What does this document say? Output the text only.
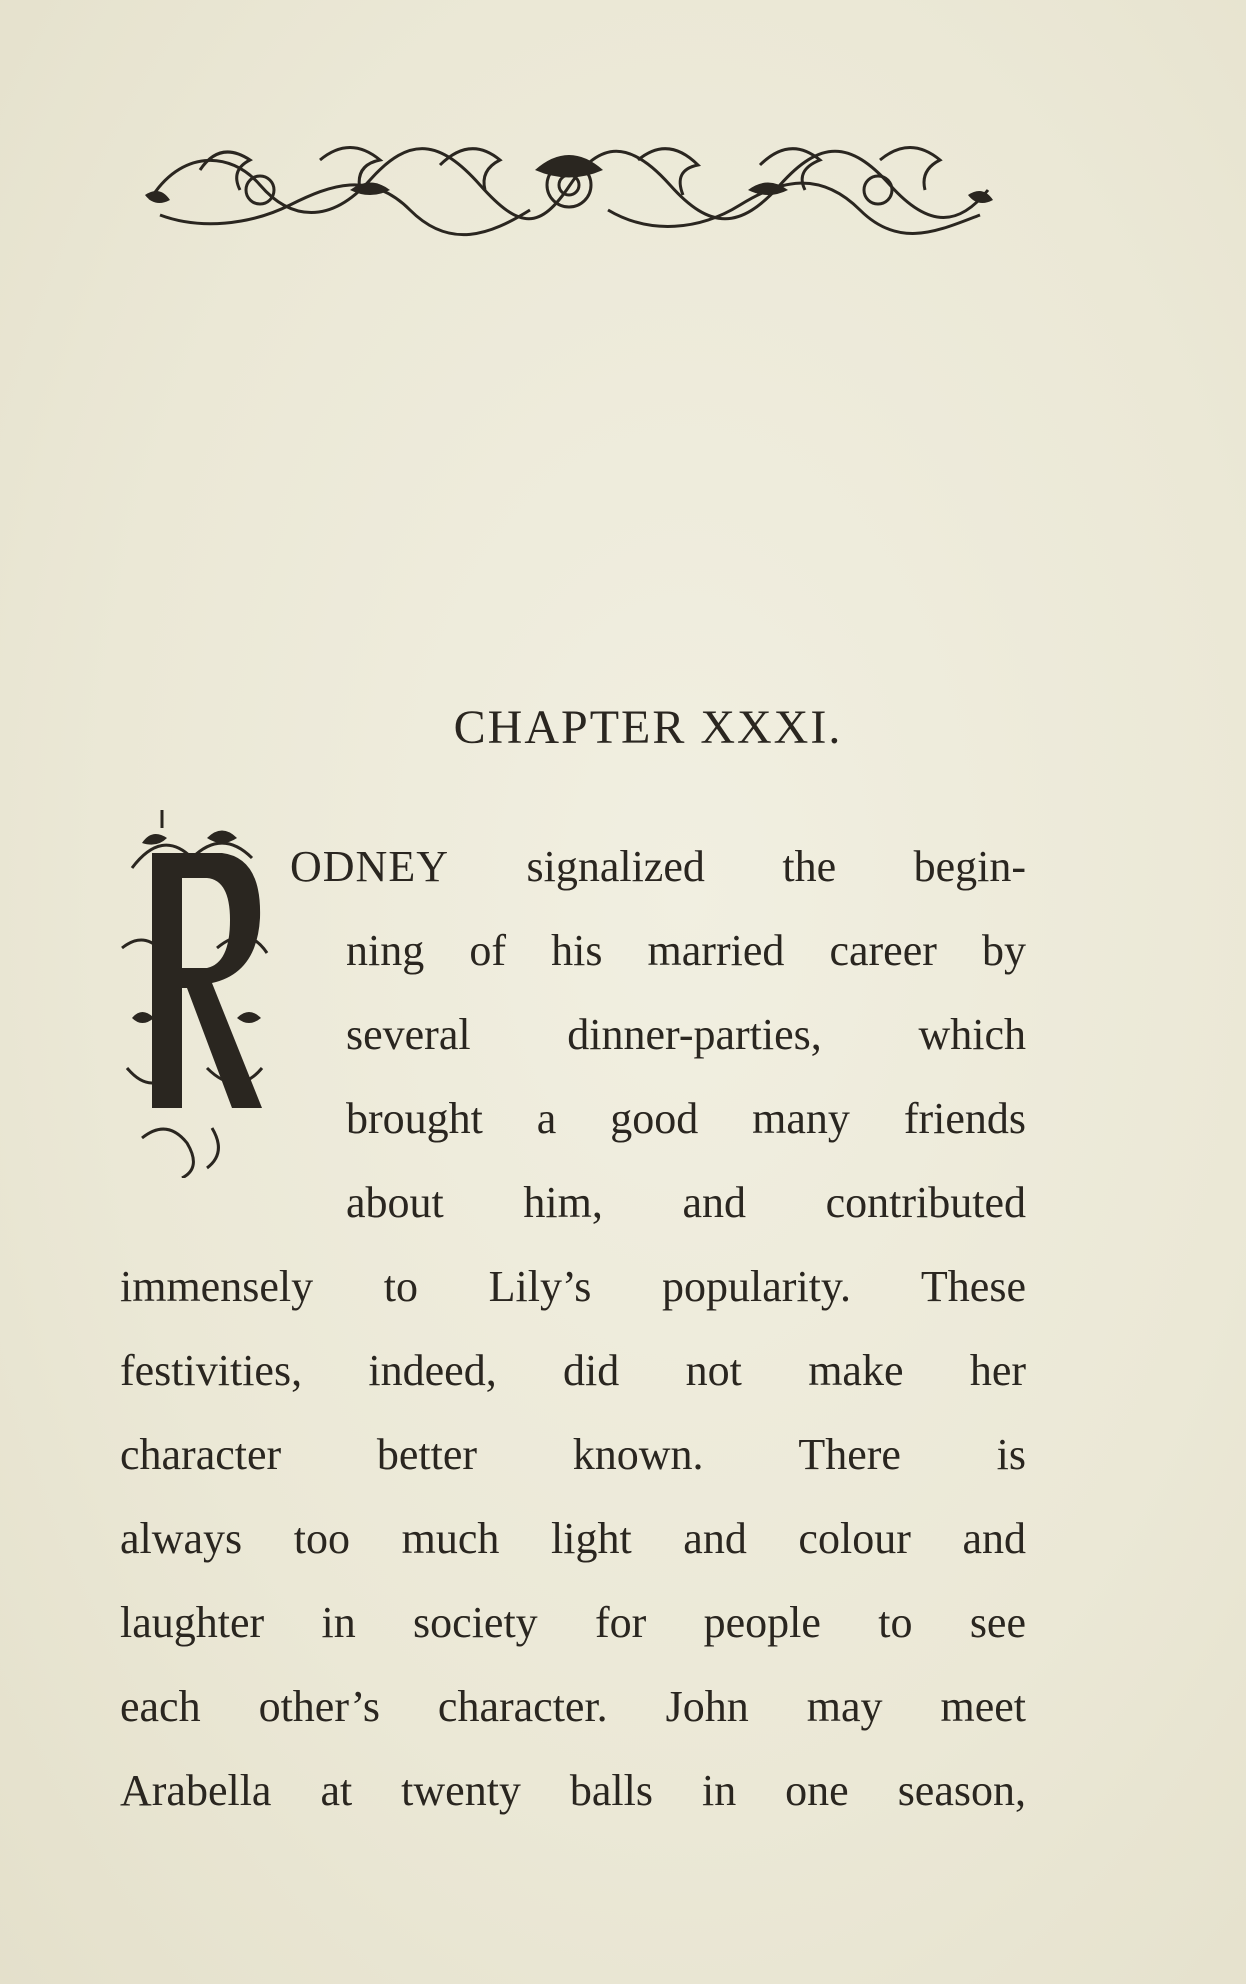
CHAPTER XXXI.
R
ODNEY signalized the begin-
ning of his married career by
several dinner-parties, which
brought a good many friends
about him, and contributed
immensely to Lily’s popularity. These
festivities, indeed, did not make her
character better known. There is
always too much light and colour and
laughter in society for people to see
each other’s character. John may meet
Arabella at twenty balls in one season,
